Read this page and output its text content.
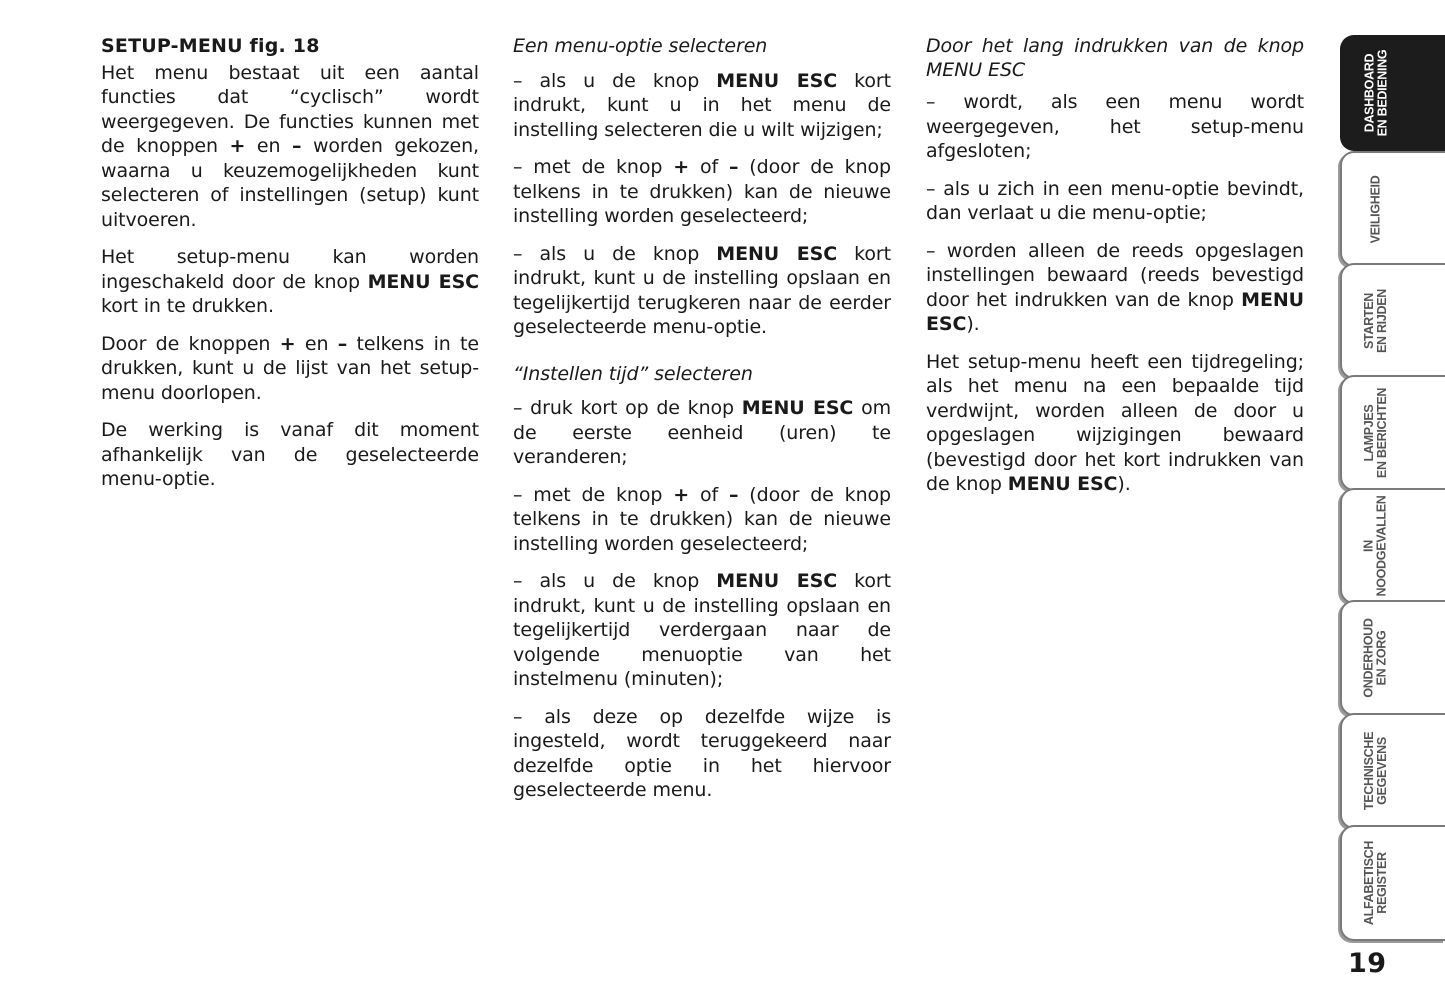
SETUP-MENU fig. 18

Het menu bestaat uit een aantal functies dat “cyclisch” wordt weergegeven. De functies kunnen met de knoppen + en – worden gekozen, waarna u keuzemogelijkheden kunt selecteren of instellingen (setup) kunt uitvoeren.

Het setup-menu kan worden ingeschakeld door de knop MENU ESC kort in te drukken.

Door de knoppen + en – telkens in te drukken, kunt u de lijst van het setup-menu doorlopen.

De werking is vanaf dit moment afhankelijk van de geselecteerde menu-optie.

Een menu-optie selecteren

– als u de knop MENU ESC kort indrukt, kunt u in het menu de instelling selecteren die u wilt wijzigen;

– met de knop + of – (door de knop telkens in te drukken) kan de nieuwe instelling worden geselecteerd;

– als u de knop MENU ESC kort indrukt, kunt u de instelling opslaan en tegelijkertijd terugkeren naar de eerder geselecteerde menu-optie.

“Instellen tijd” selecteren

– druk kort op de knop MENU ESC om de eerste eenheid (uren) te veranderen;

– met de knop + of – (door de knop telkens in te drukken) kan de nieuwe instelling worden geselecteerd;

– als u de knop MENU ESC kort indrukt, kunt u de instelling opslaan en tegelijkertijd verdergaan naar de volgende menuoptie van het instelmenu (minuten);

– als deze op dezelfde wijze is ingesteld, wordt teruggekeerd naar dezelfde optie in het hiervoor geselecteerde menu.

Door het lang indrukken van de knop MENU ESC

– wordt, als een menu wordt weergegeven, het setup-menu afgesloten;

– als u zich in een menu-optie bevindt, dan verlaat u die menu-optie;

– worden alleen de reeds opgeslagen instellingen bewaard (reeds bevestigd door het indrukken van de knop MENU ESC).

Het setup-menu heeft een tijdregeling; als het menu na een bepaalde tijd verdwijnt, worden alleen de door u opgeslagen wijzigingen bewaard (bevestigd door het kort indrukken van de knop MENU ESC).

DASHBOARD
EN BEDIENING
VEILIGHEID
STARTEN
EN RIJDEN
LAMPJES
EN BERICHTEN
IN
NOODGEVALLEN
ONDERHOUD
EN ZORG
TECHNISCHE
GEGEVENS
ALFABETISCH
REGISTER
19
